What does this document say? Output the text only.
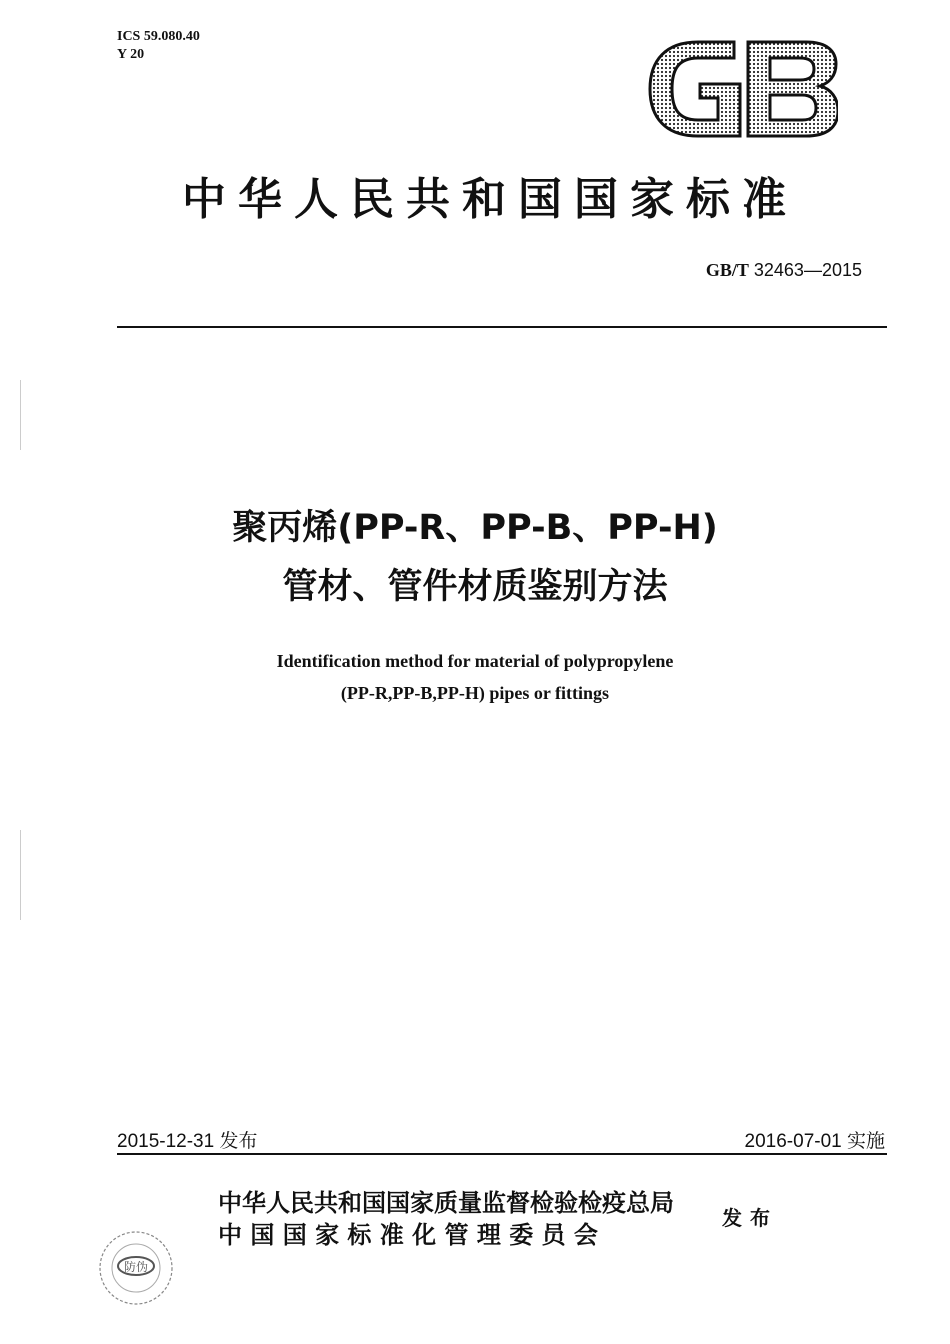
ICS 59.080.40
Y 20
中华人民共和国国家标准
GB/T 32463—2015
聚丙烯(PP-R、PP-B、PP-H)
管材、管件材质鉴别方法
Identification method for material of polypropylene
(PP-R,PP-B,PP-H) pipes or fittings
2015-12-31 发布	2016-07-01 实施
中华人民共和国国家质量监督检验检疫总局
中 国 国 家 标 准 化 管 理 委 员 会
发布
防伪
